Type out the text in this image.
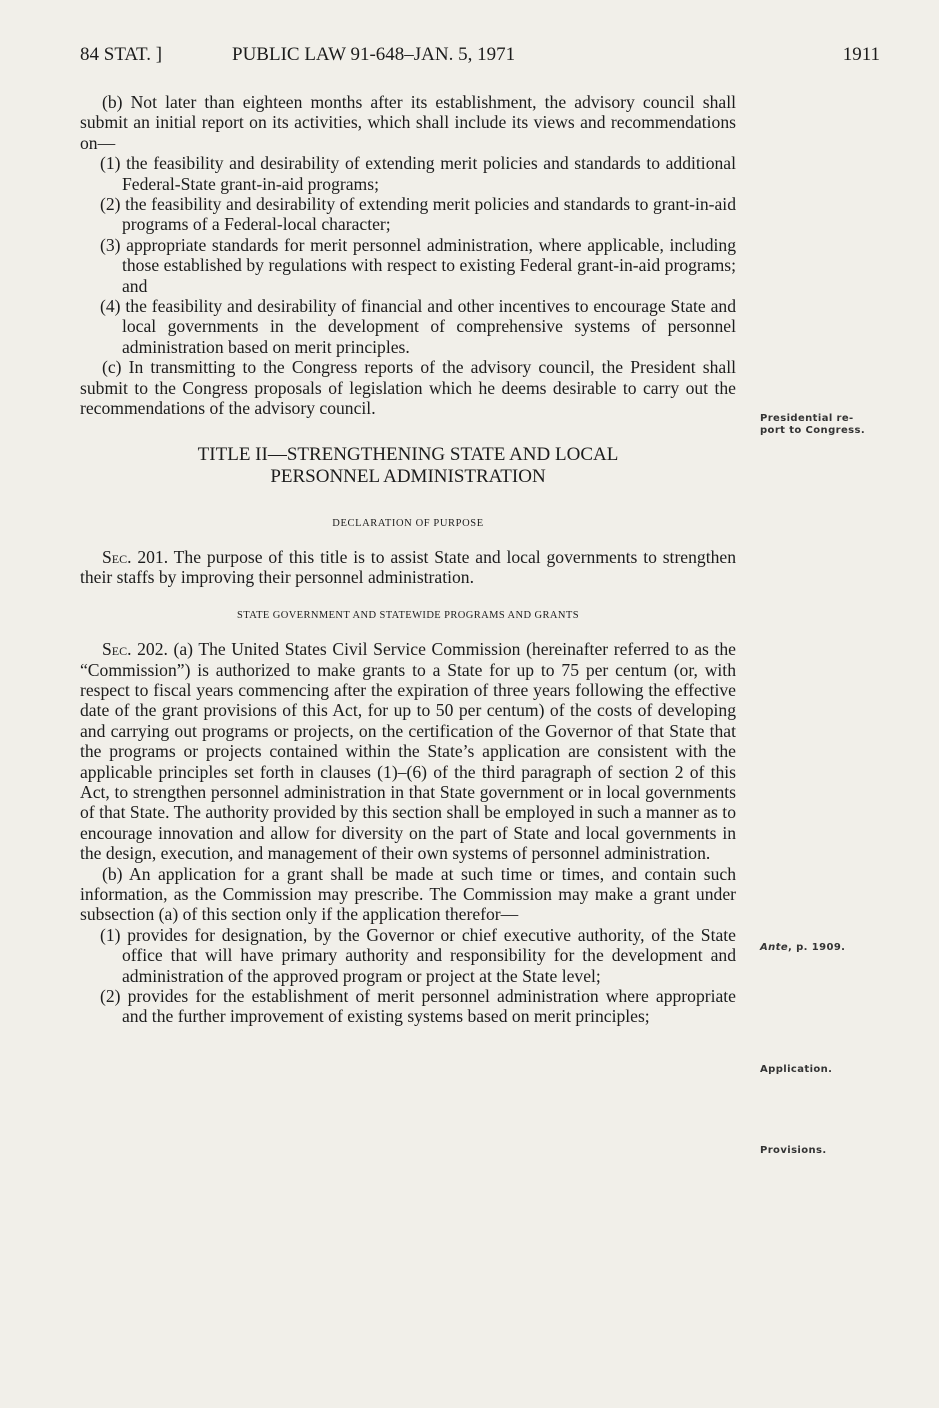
84 STAT. ]	PUBLIC LAW 91-648–JAN. 5, 1971	1911

(b) Not later than eighteen months after its establishment, the advisory council shall submit an initial report on its activities, which shall include its views and recommendations on—

(1) the feasibility and desirability of extending merit policies and standards to additional Federal-State grant-in-aid programs;

(2) the feasibility and desirability of extending merit policies and standards to grant-in-aid programs of a Federal-local character;

(3) appropriate standards for merit personnel administration, where applicable, including those established by regulations with respect to existing Federal grant-in-aid programs; and

(4) the feasibility and desirability of financial and other incentives to encourage State and local governments in the development of comprehensive systems of personnel administration based on merit principles.

(c) In transmitting to the Congress reports of the advisory council, the President shall submit to the Congress proposals of legislation which he deems desirable to carry out the recommendations of the advisory council.

TITLE II—STRENGTHENING STATE AND LOCAL
PERSONNEL ADMINISTRATION
DECLARATION OF PURPOSE

Sec. 201. The purpose of this title is to assist State and local governments to strengthen their staffs by improving their personnel administration.

STATE GOVERNMENT AND STATEWIDE PROGRAMS AND GRANTS

Sec. 202. (a) The United States Civil Service Commission (hereinafter referred to as the “Commission”) is authorized to make grants to a State for up to 75 per centum (or, with respect to fiscal years commencing after the expiration of three years following the effective date of the grant provisions of this Act, for up to 50 per centum) of the costs of developing and carrying out programs or projects, on the certification of the Governor of that State that the programs or projects contained within the State’s application are consistent with the applicable principles set forth in clauses (1)–(6) of the third paragraph of section 2 of this Act, to strengthen personnel administration in that State government or in local governments of that State. The authority provided by this section shall be employed in such a manner as to encourage innovation and allow for diversity on the part of State and local governments in the design, execution, and management of their own systems of personnel administration.

(b) An application for a grant shall be made at such time or times, and contain such information, as the Commission may prescribe. The Commission may make a grant under subsection (a) of this section only if the application therefor—

(1) provides for designation, by the Governor or chief executive authority, of the State office that will have primary authority and responsibility for the development and administration of the approved program or project at the State level;

(2) provides for the establishment of merit personnel administration where appropriate and the further improvement of existing systems based on merit principles;

Presidential re-
port to Congress.
Ante, p. 1909.
Application.
Provisions.
